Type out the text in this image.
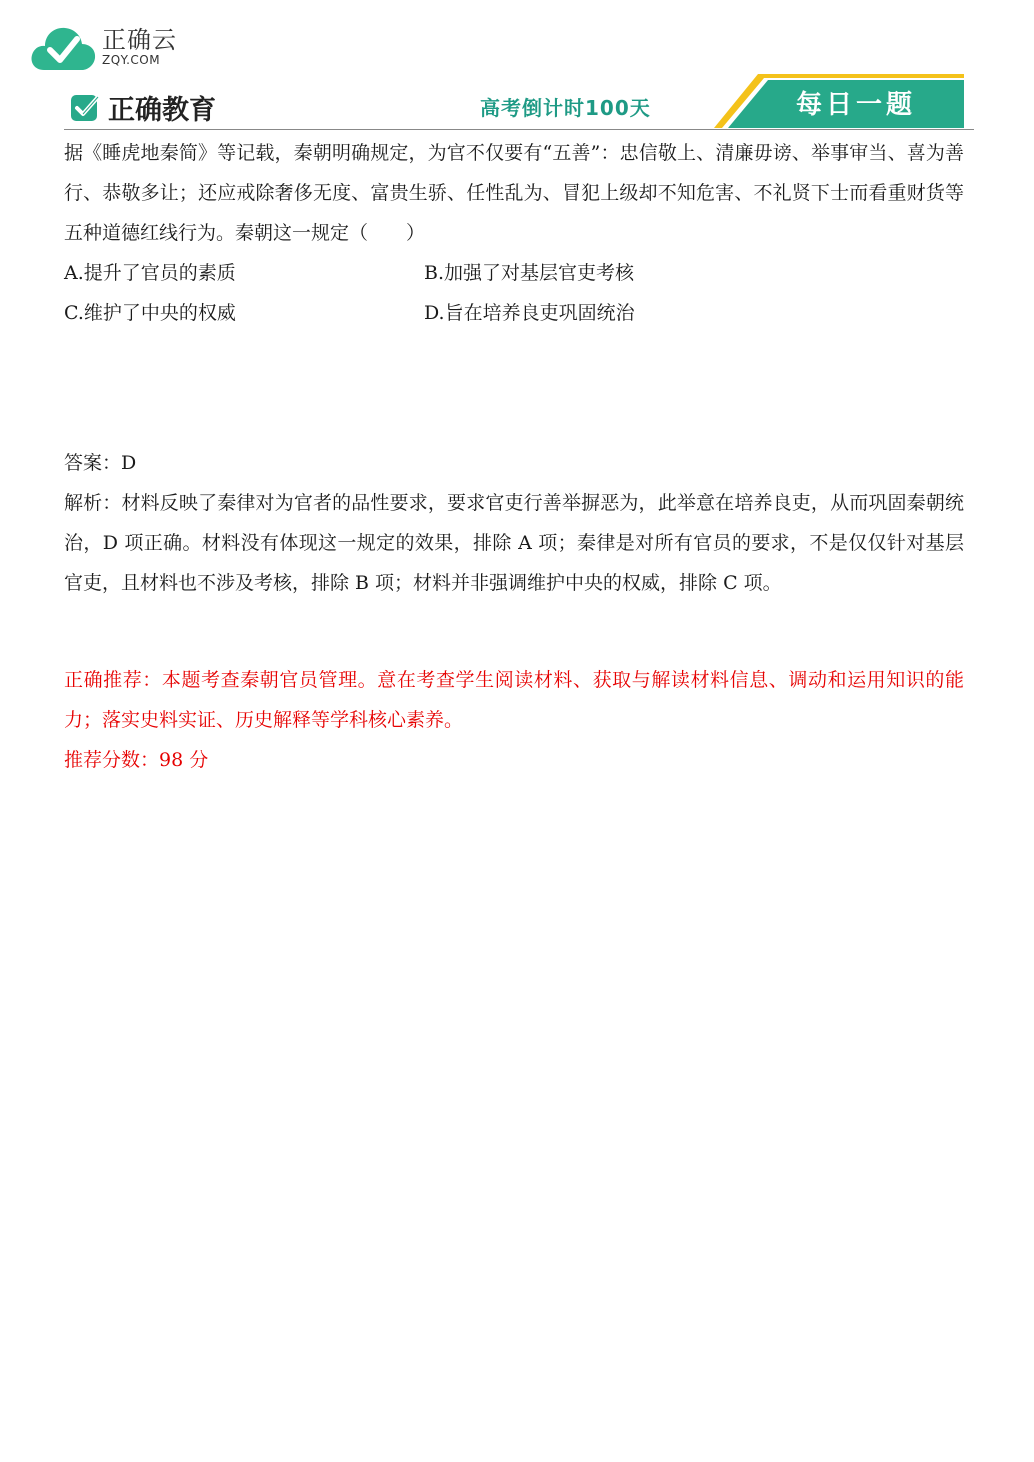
正确云
ZQY.COM
正确教育	高考倒计时100天	每日一题

据《睡虎地秦简》等记载，秦朝明确规定，为官不仅要有“五善”：忠信敬上、清廉毋谤、举事审当、喜为善行、恭敬多让；还应戒除奢侈无度、富贵生骄、任性乱为、冒犯上级却不知危害、不礼贤下士而看重财货等五种道德红线行为。秦朝这一规定（　　）

A.提升了官员的素质	B.加强了对基层官吏考核
C.维护了中央的权威	D.旨在培养良吏巩固统治

答案：D

解析：材料反映了秦律对为官者的品性要求，要求官吏行善举摒恶为，此举意在培养良吏，从而巩固秦朝统治，D 项正确。材料没有体现这一规定的效果，排除 A 项；秦律是对所有官员的要求，不是仅仅针对基层官吏，且材料也不涉及考核，排除 B 项；材料并非强调维护中央的权威，排除 C 项。

正确推荐：本题考查秦朝官员管理。意在考查学生阅读材料、获取与解读材料信息、调动和运用知识的能力；落实史料实证、历史解释等学科核心素养。

推荐分数：98 分
